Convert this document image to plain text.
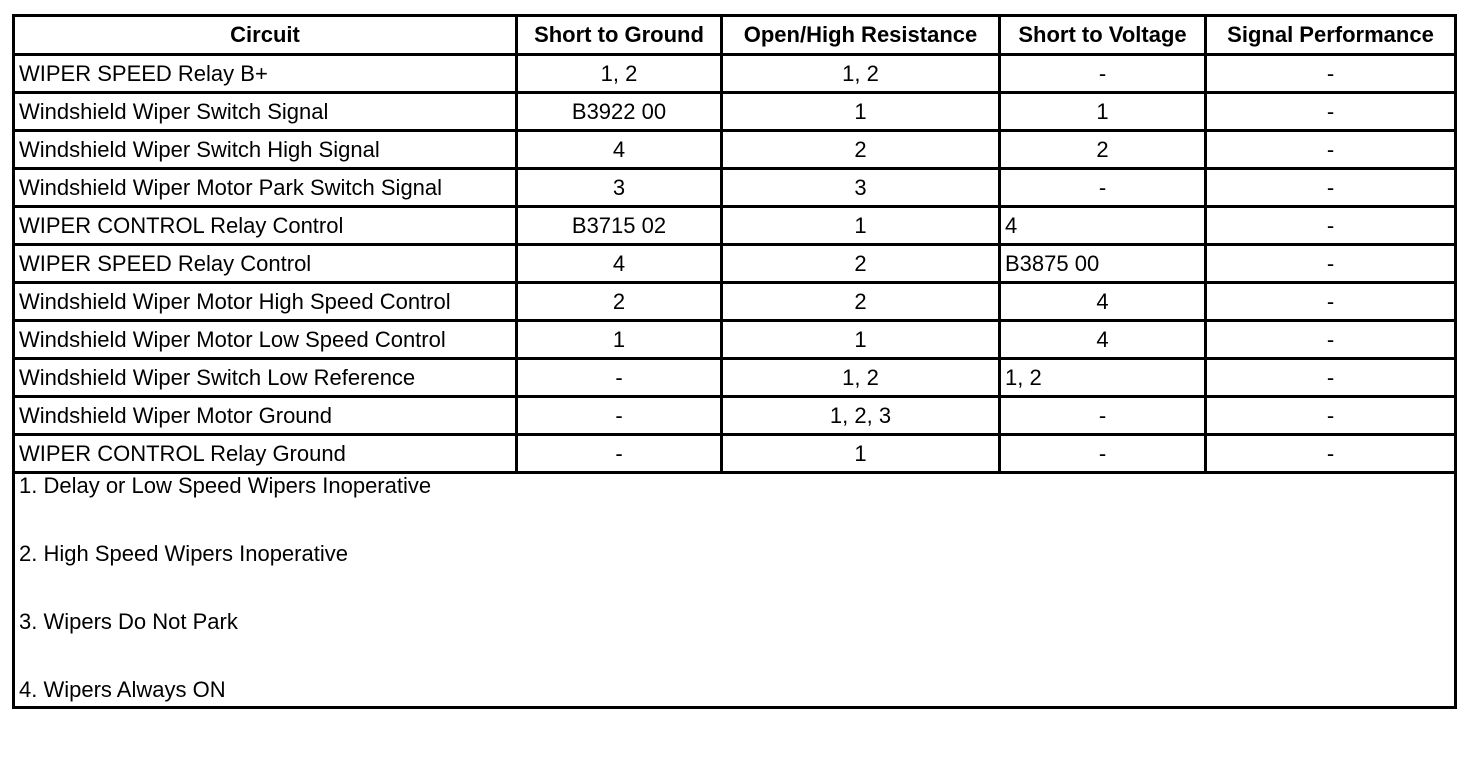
Circuit	Short to Ground	Open/High Resistance	Short to Voltage	Signal Performance
WIPER SPEED Relay B+	1, 2	1, 2	-	-
Windshield Wiper Switch Signal	B3922 00	1	1	-
Windshield Wiper Switch High Signal	4	2	2	-
Windshield Wiper Motor Park Switch Signal	3	3	-	-
WIPER CONTROL Relay Control	B3715 02	1	4	-
WIPER SPEED Relay Control	4	2	B3875 00	-
Windshield Wiper Motor High Speed Control	2	2	4	-
Windshield Wiper Motor Low Speed Control	1	1	4	-
Windshield Wiper Switch Low Reference	-	1, 2	1, 2	-
Windshield Wiper Motor Ground	-	1, 2, 3	-	-
WIPER CONTROL Relay Ground	-	1	-	-

1. Delay or Low Speed Wipers Inoperative
2. High Speed Wipers Inoperative
3. Wipers Do Not Park
4. Wipers Always ON				
